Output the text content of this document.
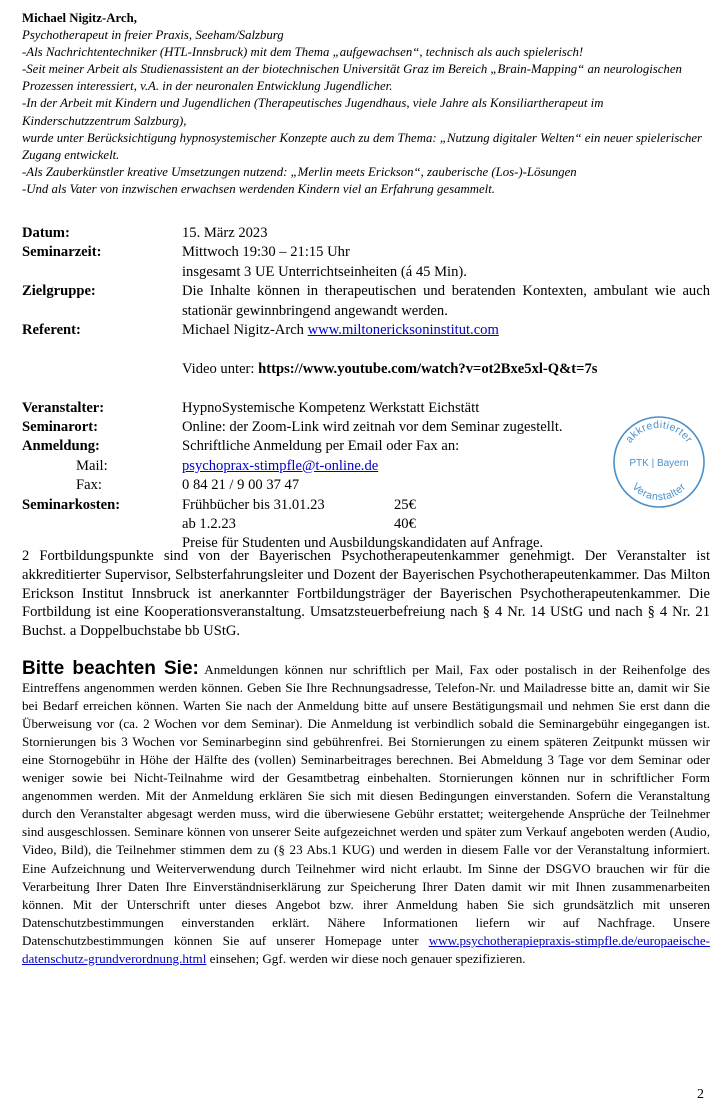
Michael Nigitz-Arch,
Psychotherapeut in freier Praxis, Seeham/Salzburg
-Als Nachrichtentechniker (HTL-Innsbruck) mit dem Thema „aufgewachsen“, technisch als auch spielerisch!
-Seit meiner Arbeit als Studienassistent an der biotechnischen Universität Graz im Bereich „Brain-Mapping“ an neurologischen Prozessen interessiert, v.A. in der neuronalen Entwicklung Jugendlicher.
-In der Arbeit mit Kindern und Jugendlichen (Therapeutisches Jugendhaus, viele Jahre als Konsiliartherapeut im Kinderschutzzentrum Salzburg),
wurde unter Berücksichtigung hypnosystemischer Konzepte auch zu dem Thema: „Nutzung digitaler Welten“ ein neuer spielerischer Zugang entwickelt.
-Als Zauberkünstler kreative Umsetzungen nutzend: „Merlin meets Erickson“, zauberische (Los-)-Lösungen
-Und als Vater von inzwischen erwachsen werdenden Kindern viel an Erfahrung gesammelt.
Datum:	15. März 2023
Seminarzeit:	Mittwoch 19:30 – 21:15 Uhr
insgesamt 3 UE Unterrichtseinheiten (á 45 Min).
Zielgruppe:	Die Inhalte können in therapeutischen und beratenden Kontexten, ambulant wie auch stationär gewinnbringend angewandt werden.
Referent:	Michael Nigitz-Arch www.miltonericksoninstitut.com
Video unter: https://www.youtube.com/watch?v=ot2Bxe5xl-Q&t=7s
Veranstalter:	HypnoSystemische Kompetenz Werkstatt Eichstätt
Seminarort:	Online: der Zoom-Link wird zeitnah vor dem Seminar zugestellt.
Anmeldung:	Schriftliche Anmeldung per Email oder Fax an:
Mail:	psychoprax-stimpfle@t-online.de
Fax:	0 84 21 / 9 00 37 47
Seminarkosten:	Frühbücher bis 31.01.23	25€
ab 1.2.23	40€
Preise für Studenten und Ausbildungskandidaten auf Anfrage.
akkreditierter
PTK | Bayern
Veranstalter
2 Fortbildungspunkte sind von der Bayerischen Psychotherapeutenkammer genehmigt. Der Veranstalter ist akkreditierter Supervisor, Selbsterfahrungsleiter und Dozent der Bayerischen Psychotherapeutenkammer. Das Milton Erickson Institut Innsbruck ist anerkannter Fortbildungsträger der Bayerischen Psychotherapeutenkammer. Die Fortbildung ist eine Kooperationsveranstaltung. Umsatzsteuerbefreiung nach § 4 Nr. 14 UStG und nach § 4 Nr. 21 Buchst. a Doppelbuchstabe bb UStG.
Bitte beachten Sie: Anmeldungen können nur schriftlich per Mail, Fax oder postalisch in der Reihenfolge des Eintreffens angenommen werden können. Geben Sie Ihre Rechnungsadresse, Telefon-Nr. und Mailadresse bitte an, damit wir Sie bei Bedarf erreichen können. Warten Sie nach der Anmeldung bitte auf unsere Bestätigungsmail und nehmen Sie erst dann die Überweisung vor (ca. 2 Wochen vor dem Seminar). Die Anmeldung ist verbindlich sobald die Seminargebühr eingegangen ist. Stornierungen bis 3 Wochen vor Seminarbeginn sind gebührenfrei. Bei Stornierungen zu einem späteren Zeitpunkt müssen wir eine Stornogebühr in Höhe der Hälfte des (vollen) Seminarbeitrages berechnen. Bei Abmeldung 3 Tage vor dem Seminar oder weniger sowie bei Nicht-Teilnahme wird der Gesamtbetrag einbehalten. Stornierungen können nur in schriftlicher Form angenommen werden. Mit der Anmeldung erklären Sie sich mit diesen Bedingungen einverstanden. Sofern die Veranstaltung durch den Veranstalter abgesagt werden muss, wird die überwiesene Gebühr erstattet; weitergehende Ansprüche der Teilnehmer sind ausgeschlossen. Seminare können von unserer Seite aufgezeichnet werden und später zum Verkauf angeboten werden (Audio, Video, Bild), die Teilnehmer stimmen dem zu (§ 23 Abs.1 KUG) und werden in diesem Falle vor der Veranstaltung informiert. Eine Aufzeichnung und Weiterverwendung durch Teilnehmer wird nicht erlaubt. Im Sinne der DSGVO brauchen wir für die Verarbeitung Ihrer Daten Ihre Einverständniserklärung zur Speicherung Ihrer Daten damit wir mit Ihnen zusammenarbeiten können. Mit der Unterschrift unter dieses Angebot bzw. ihrer Anmeldung haben Sie sich grundsätzlich mit unseren Datenschutzbestimmungen einverstanden erklärt. Nähere Informationen liefern wir auf Nachfrage. Unsere Datenschutzbestimmungen können Sie auf unserer Homepage unter www.psychotherapiepraxis-stimpfle.de/europaeische-datenschutz-grundverordnung.html einsehen; Ggf. werden wir diese noch genauer spezifizieren.
2
